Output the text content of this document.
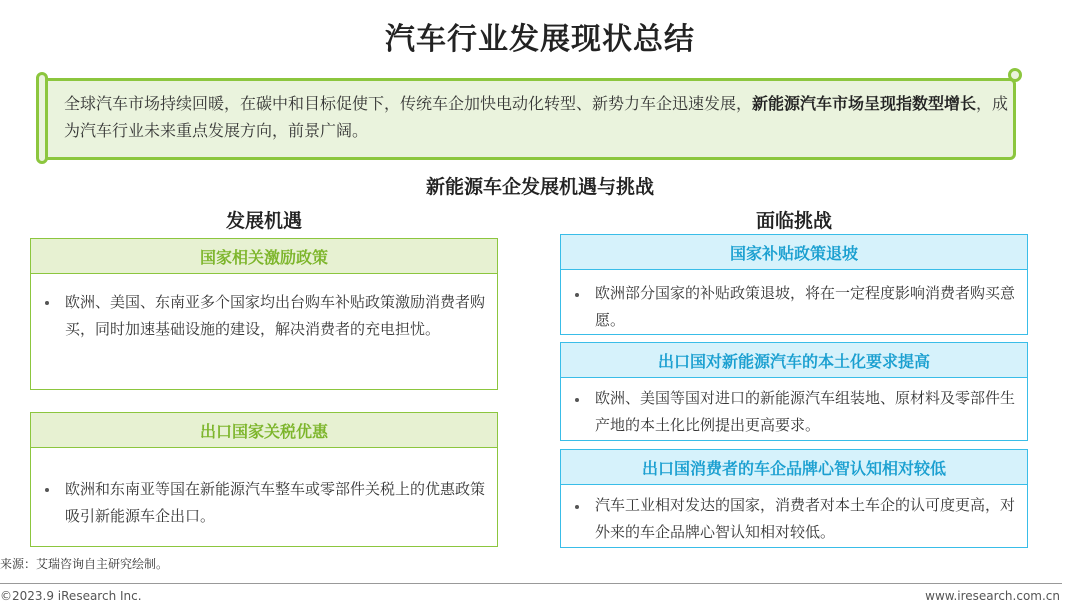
汽车行业发展现状总结
全球汽车市场持续回暖，在碳中和目标促使下，传统车企加快电动化转型、新势力车企迅速发展，新能源汽车市场呈现指数型增长，成为汽车行业未来重点发展方向，前景广阔。
新能源车企发展机遇与挑战
发展机遇	面临挑战
国家相关激励政策
欧洲、美国、东南亚多个国家均出台购车补贴政策激励消费者购买，同时加速基础设施的建设，解决消费者的充电担忧。
出口国家关税优惠
欧洲和东南亚等国在新能源汽车整车或零部件关税上的优惠政策吸引新能源车企出口。
国家补贴政策退坡
欧洲部分国家的补贴政策退坡，将在一定程度影响消费者购买意愿。
出口国对新能源汽车的本土化要求提高
欧洲、美国等国对进口的新能源汽车组装地、原材料及零部件生产地的本土化比例提出更高要求。
出口国消费者的车企品牌心智认知相对较低
汽车工业相对发达的国家，消费者对本土车企的认可度更高，对外来的车企品牌心智认知相对较低。
来源：艾瑞咨询自主研究绘制。
©2023.9 iResearch Inc.	www.iresearch.com.cn
